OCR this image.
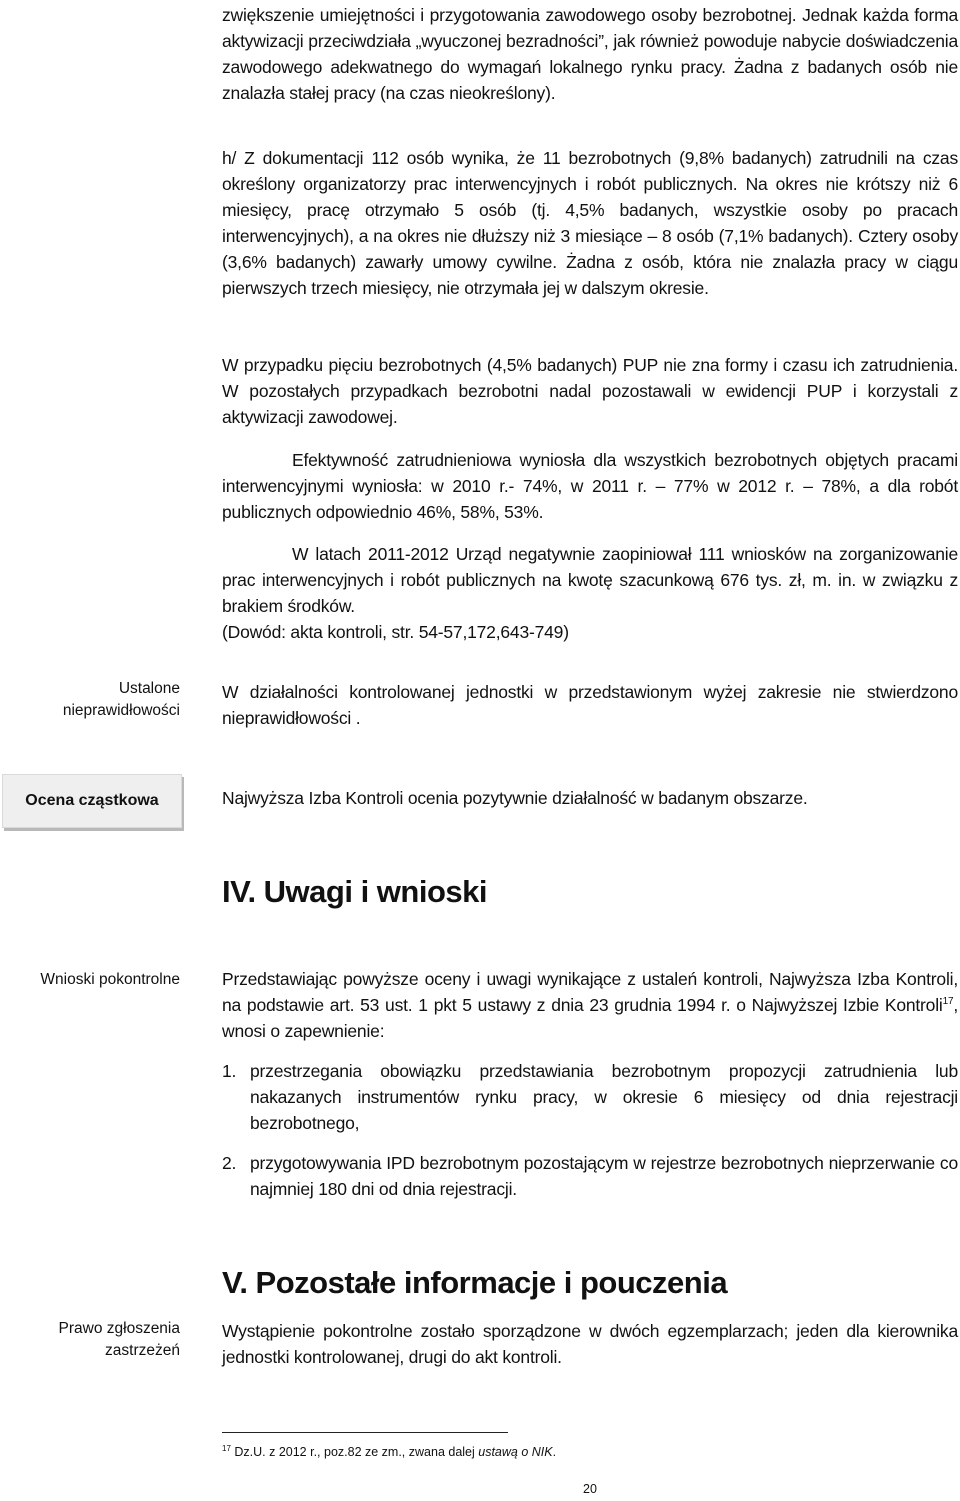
zwiększenie umiejętności i przygotowania zawodowego osoby bezrobotnej. Jednak każda forma aktywizacji przeciwdziała „wyuczonej bezradności”, jak również powoduje nabycie doświadczenia zawodowego adekwatnego do wymagań lokalnego rynku pracy. Żadna z badanych osób nie znalazła stałej pracy (na czas nieokreślony).

h/ Z dokumentacji 112 osób wynika, że 11 bezrobotnych (9,8% badanych) zatrudnili na czas określony organizatorzy prac interwencyjnych i robót publicznych. Na okres nie krótszy niż 6 miesięcy, pracę otrzymało 5 osób (tj. 4,5% badanych, wszystkie osoby po pracach interwencyjnych), a na okres nie dłuższy niż 3 miesiące – 8 osób (7,1% badanych). Cztery osoby (3,6% badanych) zawarły umowy cywilne. Żadna z osób, która nie znalazła pracy w ciągu pierwszych trzech miesięcy, nie otrzymała jej w dalszym okresie.

W przypadku pięciu bezrobotnych (4,5% badanych) PUP nie zna formy i czasu ich zatrudnienia. W pozostałych przypadkach bezrobotni nadal pozostawali w ewidencji PUP i korzystali z aktywizacji zawodowej.

Efektywność zatrudnieniowa wyniosła dla wszystkich bezrobotnych objętych pracami interwencyjnymi wyniosła: w 2010 r.- 74%, w 2011 r. – 77% w 2012 r. – 78%, a dla robót publicznych odpowiednio 46%, 58%, 53%.

W latach 2011-2012 Urząd negatywnie zaopiniował 111 wniosków na zorganizowanie prac interwencyjnych i robót publicznych na kwotę szacunkową 676 tys. zł, m. in. w związku z brakiem środków.

(Dowód: akta kontroli, str. 54-57,172,643-749)

Ustalone nieprawidłowości

W działalności kontrolowanej jednostki w przedstawionym wyżej zakresie nie stwierdzono nieprawidłowości .

Ocena cząstkowa	Najwyższa Izba Kontroli ocenia pozytywnie działalność w badanym obszarze.

IV. Uwagi i wnioski
Wnioski pokontrolne Przedstawiając powyższe oceny i uwagi wynikające z ustaleń kontroli, Najwyższa Izba Kontroli, na podstawie art. 53 ust. 1 pkt 5 ustawy z dnia 23 grudnia 1994 r. o Najwyższej Izbie Kontroli$^{17}$, wnosi o zapewnienie:

1. przestrzegania obowiązku przedstawiania bezrobotnym propozycji zatrudnienia lub nakazanych instrumentów rynku pracy, w okresie 6 miesięcy od dnia rejestracji bezrobotnego,
2. przygotowywania IPD bezrobotnym pozostającym w rejestrze bezrobotnych nieprzerwanie co najmniej 180 dni od dnia rejestracji.
V. Pozostałe informacje i pouczenia
Prawo zgłoszenia zastrzeżeń

Wystąpienie pokontrolne zostało sporządzone w dwóch egzemplarzach; jeden dla kierownika jednostki kontrolowanej, drugi do akt kontroli.

$^{17}$ Dz.U. z 2012 r., poz.82 ze zm., zwana dalej ustawą o NIK.
20
